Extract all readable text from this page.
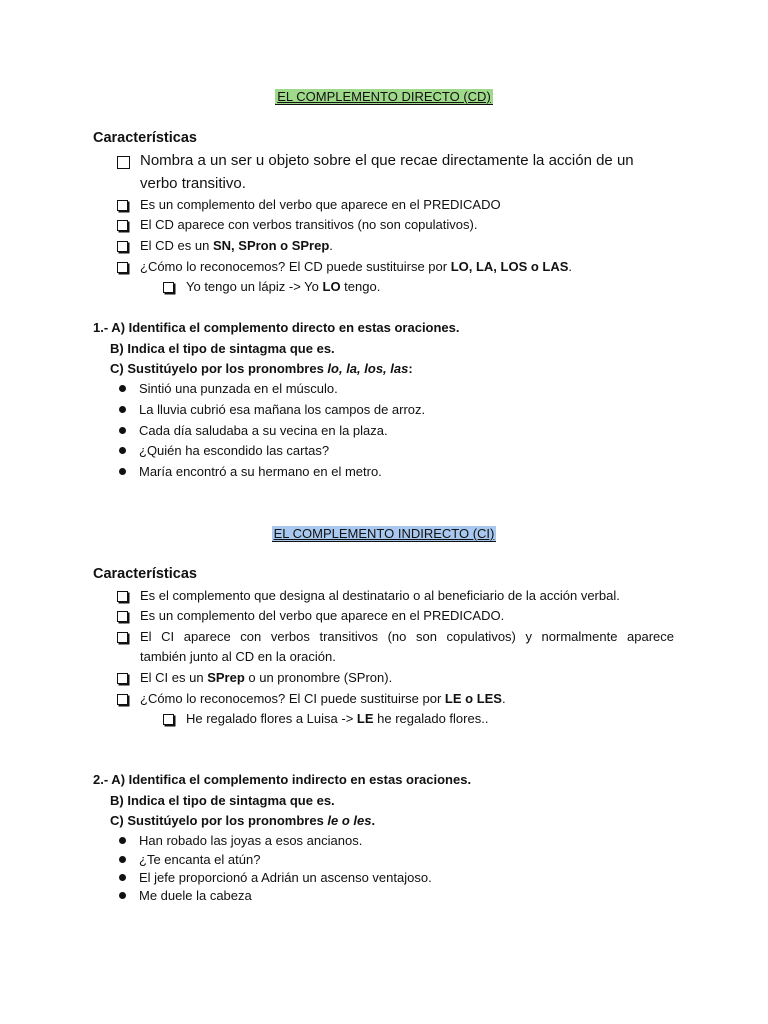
EL COMPLEMENTO DIRECTO (CD)
Características
Nombra a un ser u objeto sobre el que recae directamente la acción de un
verbo transitivo.
Es un complemento del verbo que aparece en el PREDICADO
El CD aparece con verbos transitivos (no son copulativos).
El CD es un SN, SPron o SPrep.
¿Cómo lo reconocemos? El CD puede sustituirse por LO, LA, LOS o LAS.
Yo tengo un lápiz -> Yo LO tengo.
1.- A) Identifica el complemento directo en estas oraciones.
B) Indica el tipo de sintagma que es.
C) Sustitúyelo por los pronombres lo, la, los, las:
Sintió una punzada en el músculo.
La lluvia cubrió esa mañana los campos de arroz.
Cada día saludaba a su vecina en la plaza.
¿Quién ha escondido las cartas?
María encontró a su hermano en el metro.
EL COMPLEMENTO INDIRECTO (CI)
Características
Es el complemento que designa al destinatario o al beneficiario de la acción verbal.
Es un complemento del verbo que aparece en el PREDICADO.
El CI aparece con verbos transitivos (no son copulativos) y normalmente aparece
también junto al CD en la oración.
El CI es un SPrep o un pronombre (SPron).
¿Cómo lo reconocemos? El CI puede sustituirse por LE o LES.
He regalado flores a Luisa -> LE he regalado flores..
2.- A) Identifica el complemento indirecto en estas oraciones.
B) Indica el tipo de sintagma que es.
C) Sustitúyelo por los pronombres le o les.
Han robado las joyas a esos ancianos.
¿Te encanta el atún?
El jefe proporcionó a Adrián un ascenso ventajoso.
Me duele la cabeza
